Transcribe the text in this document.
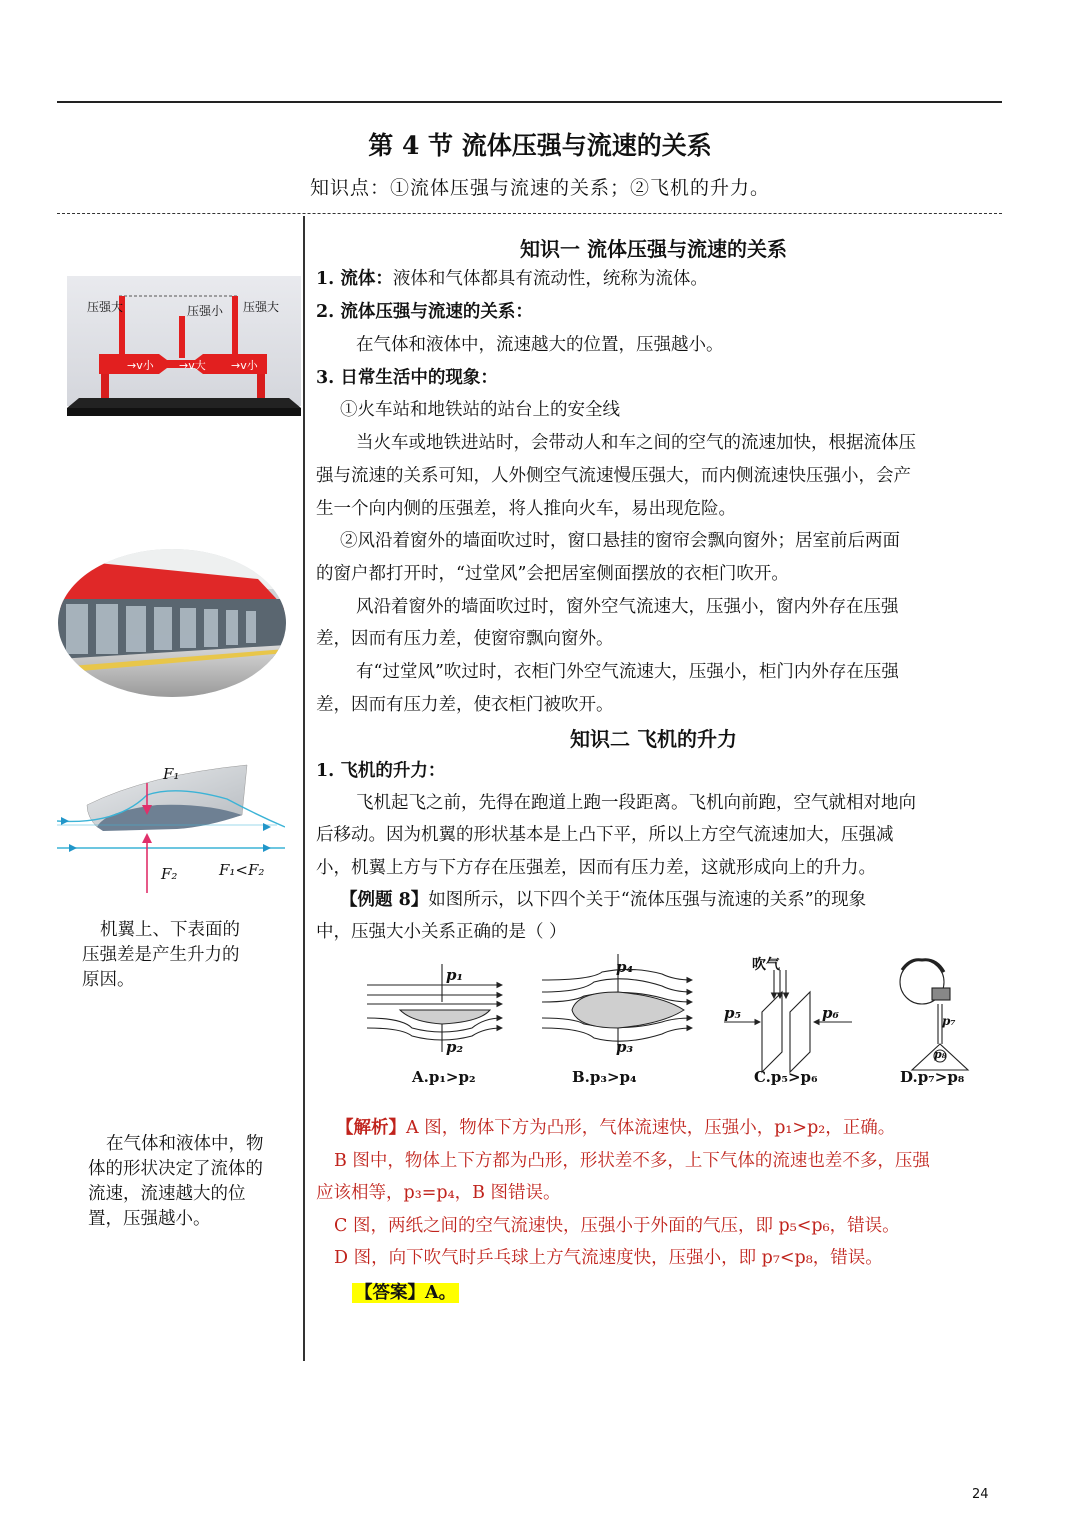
第 4 节 流体压强与流速的关系
知识点：①流体压强与流速的关系；②飞机的升力。
压强大	压强小 压强大
→v小 →v大 →v小
F₁
F₂	F₁<F₂
机翼上、下表面的
压强差是产生升力的
原因。
在气体和液体中，物
体的形状决定了流体的
流速，流速越大的位
置，压强越小。
知识一 流体压强与流速的关系
1. 流体：液体和气体都具有流动性，统称为流体。
2. 流体压强与流速的关系：
在气体和液体中，流速越大的位置，压强越小。
3. 日常生活中的现象：
①火车站和地铁站的站台上的安全线
当火车或地铁进站时，会带动人和车之间的空气的流速加快，根据流体压
强与流速的关系可知，人外侧空气流速慢压强大，而内侧流速快压强小，会产
生一个向内侧的压强差，将人推向火车，易出现危险。
②风沿着窗外的墙面吹过时，窗口悬挂的窗帘会飘向窗外；居室前后两面
的窗户都打开时，“过堂风”会把居室侧面摆放的衣柜门吹开。
风沿着窗外的墙面吹过时，窗外空气流速大，压强小，窗内外存在压强
差，因而有压力差，使窗帘飘向窗外。
有“过堂风”吹过时，衣柜门外空气流速大，压强小，柜门内外存在压强
差，因而有压力差，使衣柜门被吹开。
知识二 飞机的升力
1. 飞机的升力：
飞机起飞之前，先得在跑道上跑一段距离。飞机向前跑，空气就相对地向
后移动。因为机翼的形状基本是上凸下平，所以上方空气流速加大，压强减
小，机翼上方与下方存在压强差，因而有压力差，这就形成向上的升力。
【例题 8】如图所示，以下四个关于“流体压强与流速的关系”的现象
中，压强大小关系正确的是（ ）
p₁
p₂
A.p₁>p₂
p₄
p₃
B.p₃>p₄
吹气
p₅	p₆
C.p₅>p₆
p₇
p₈
D.p₇>p₈
【解析】A 图，物体下方为凸形，气体流速快，压强小，p₁>p₂，正确。
B 图中，物体上下方都为凸形，形状差不多，上下气体的流速也差不多，压强
应该相等，p₃=p₄，B 图错误。
C 图，两纸之间的空气流速快，压强小于外面的气压，即 p₅<p₆，错误。
D 图，向下吹气时乒乓球上方气流速度快，压强小，即 p₇<p₈，错误。
【答案】A。
24
